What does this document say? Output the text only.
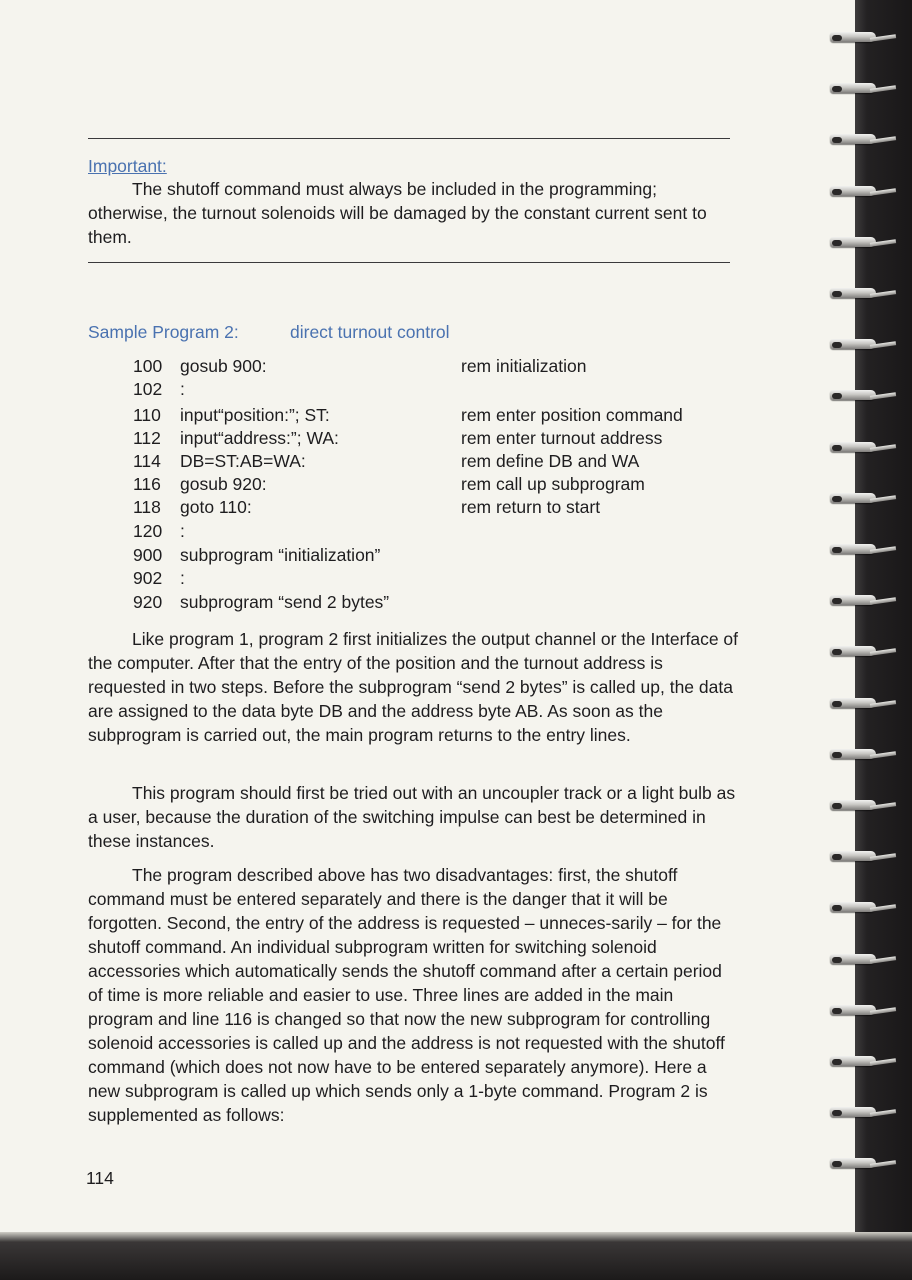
Important:

The shutoff command must always be included in the programming; otherwise, the turnout solenoids will be damaged by the constant current sent to them.

Sample Program 2:	direct turnout control
100	gosub 900:	rem initialization
102	:
110	input“position:”; ST:	rem enter position command
112	input“address:”; WA:	rem enter turnout address
114	DB=ST:AB=WA:	rem define DB and WA
116	gosub 920:	rem call up subprogram
118	goto 110:	rem return to start
120	:
900	subprogram “initialization”
902	:
920	subprogram “send 2 bytes”

Like program 1, program 2 first initializes the output channel or the Interface of the computer. After that the entry of the position and the turnout address is requested in two steps. Before the subprogram “send 2 bytes” is called up, the data are assigned to the data byte DB and the address byte AB. As soon as the subprogram is carried out, the main program returns to the entry lines.

This program should first be tried out with an uncoupler track or a light bulb as a user, because the duration of the switching impulse can best be determined in these instances.

The program described above has two disadvantages: first, the shutoff command must be entered separately and there is the danger that it will be forgotten. Second, the entry of the address is requested – unneces-sarily – for the shutoff command. An individual subprogram written for switching solenoid accessories which automatically sends the shutoff command after a certain period of time is more reliable and easier to use. Three lines are added in the main program and line 116 is changed so that now the new subprogram for controlling solenoid accessories is called up and the address is not requested with the shutoff command (which does not now have to be entered separately anymore). Here a new subprogram is called up which sends only a 1-byte command. Program 2 is supplemented as follows:

114
